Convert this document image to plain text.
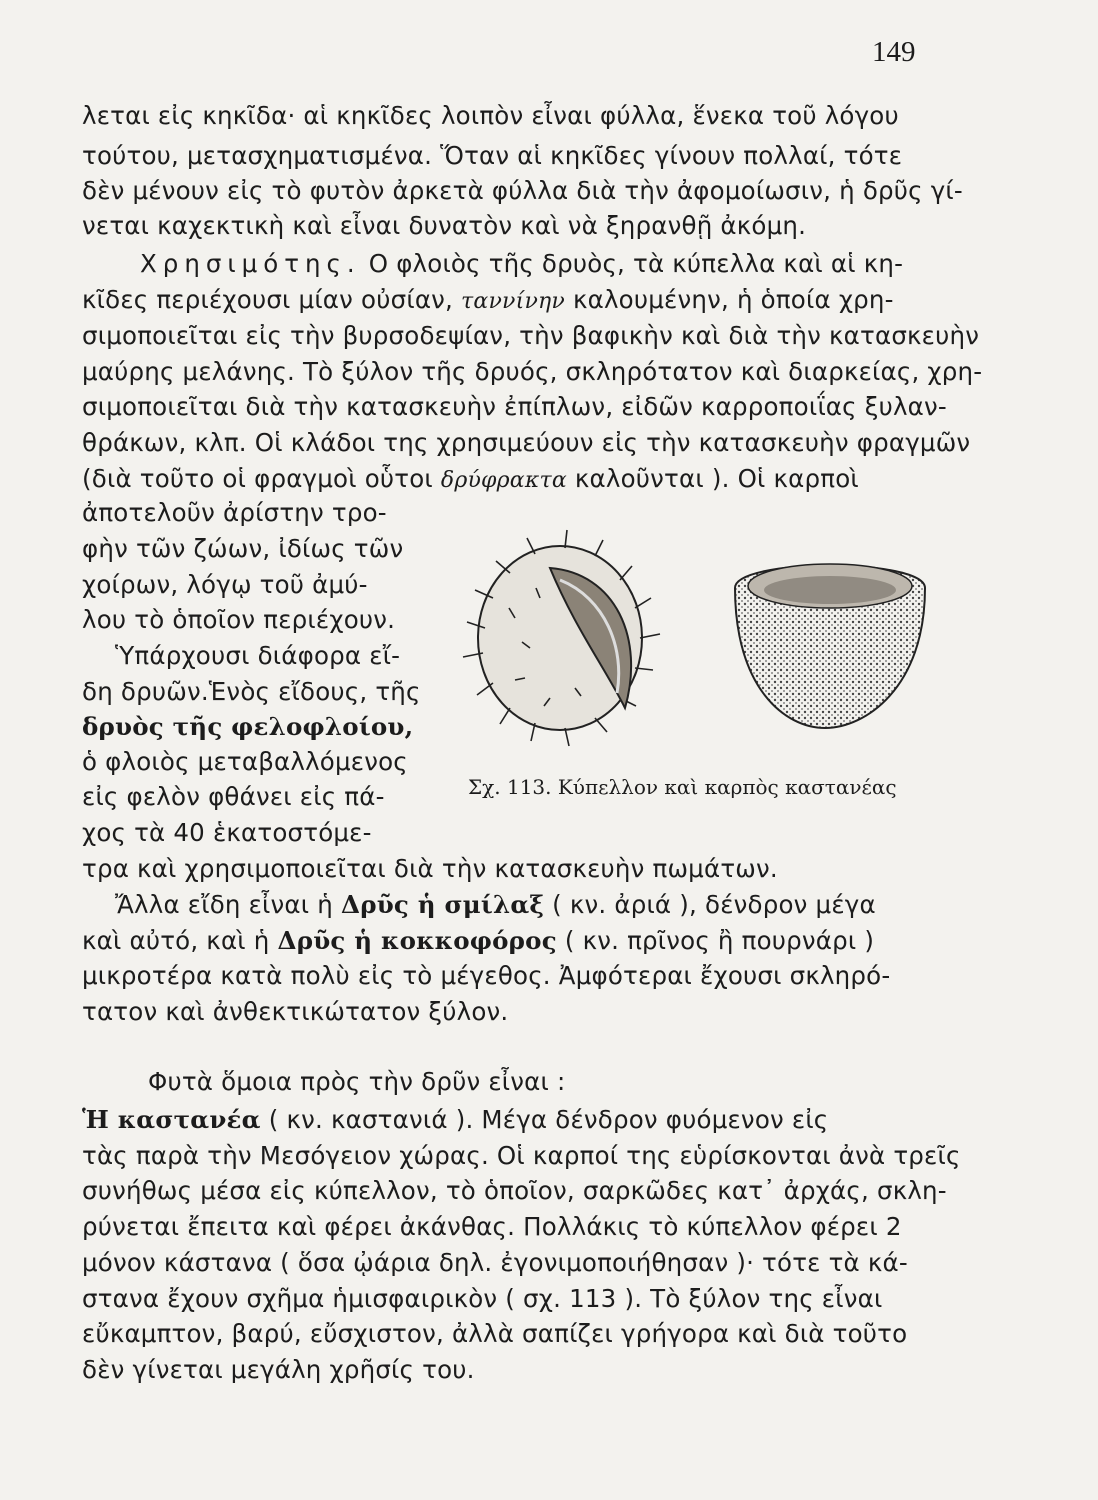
149
λεται εἰς κηκῖδα· αἱ κηκῖδες λοιπὸν εἶναι φύλλα, ἕνεκα τοῦ λόγου
τούτου, μετασχηματισμένα. Ὅταν αἱ κηκῖδες γίνουν πολλαί, τότε
δὲν μένουν εἰς τὸ φυτὸν ἀρκετὰ φύλλα διὰ τὴν ἀφομοίωσιν, ἡ δρῦς γί-
νεται καχεκτικὴ καὶ εἶναι δυνατὸν καὶ νὰ ξηρανθῇ ἀκόμη.
Χρησιμότης. Ο φλοιὸς τῆς δρυὸς, τὰ κύπελλα καὶ αἱ κη-
κῖδες περιέχουσι μίαν οὐσίαν, ταννίνην καλουμένην, ἡ ὁποία χρη-
σιμοποιεῖται εἰς τὴν βυρσοδεψίαν, τὴν βαφικὴν καὶ διὰ τὴν κατασκευὴν
μαύρης μελάνης. Τὸ ξύλον τῆς δρυός, σκληρότατον καὶ διαρκείας, χρη-
σιμοποιεῖται διὰ τὴν κατασκευὴν ἐπίπλων, εἰδῶν καρροποιΐας ξυλαν-
θράκων, κλπ. Οἱ κλάδοι της χρησιμεύουν εἰς τὴν κατασκευὴν φραγμῶν
(διὰ τοῦτο οἱ φραγμοὶ οὗτοι δρύφρακτα καλοῦνται ). Οἱ καρποὶ
ἀποτελοῦν ἀρίστην τρο-
φὴν τῶν ζώων, ἰδίως τῶν
χοίρων, λόγῳ τοῦ ἀμύ-
λου τὸ ὁποῖον περιέχουν.
Ὑπάρχουσι διάφορα εἴ-
δη δρυῶν.Ἑνὸς εἴδους, τῆς
δρυὸς τῆς φελοφλοίου,
ὁ φλοιὸς μεταβαλλόμενος
εἰς φελὸν φθάνει εἰς πά-
χος τὰ 40 ἑκατοστόμε-
τρα καὶ χρησιμοποιεῖται διὰ τὴν κατασκευὴν πωμάτων.
Ἄλλα εἴδη εἶναι ἡ Δρῦς ἡ σμίλαξ ( κν. ἀριά ), δένδρον μέγα
καὶ αὐτό, καὶ ἡ Δρῦς ἡ κοκκοφόρος ( κν. πρῖνος ἢ πουρνάρι )
μικροτέρα κατὰ πολὺ εἰς τὸ μέγεθος. Ἀμφότεραι ἔχουσι σκληρό-
τατον καὶ ἀνθεκτικώτατον ξύλον.
Φυτὰ ὅμοια πρὸς τὴν δρῦν εἶναι :
Ἡ καστανέα ( κν. καστανιά ). Μέγα δένδρον φυόμενον εἰς
τὰς παρὰ τὴν Μεσόγειον χώρας. Οἱ καρποί της εὑρίσκονται ἀνὰ τρεῖς
συνήθως μέσα εἰς κύπελλον, τὸ ὁποῖον, σαρκῶδες κατ᾽ ἀρχάς, σκλη-
ρύνεται ἔπειτα καὶ φέρει ἀκάνθας. Πολλάκις τὸ κύπελλον φέρει 2
μόνον κάστανα ( ὅσα ᾠάρια δηλ. ἐγονιμοποιήθησαν )· τότε τὰ κά-
στανα ἔχουν σχῆμα ἡμισφαιρικὸν ( σχ. 113 ). Τὸ ξύλον της εἶναι
εὔκαμπτον, βαρύ, εὔσχιστον, ἀλλὰ σαπίζει γρήγορα καὶ διὰ τοῦτο
δὲν γίνεται μεγάλη χρῆσίς του.
Σχ. 113. Κύπελλον καὶ καρπὸς καστανέας
